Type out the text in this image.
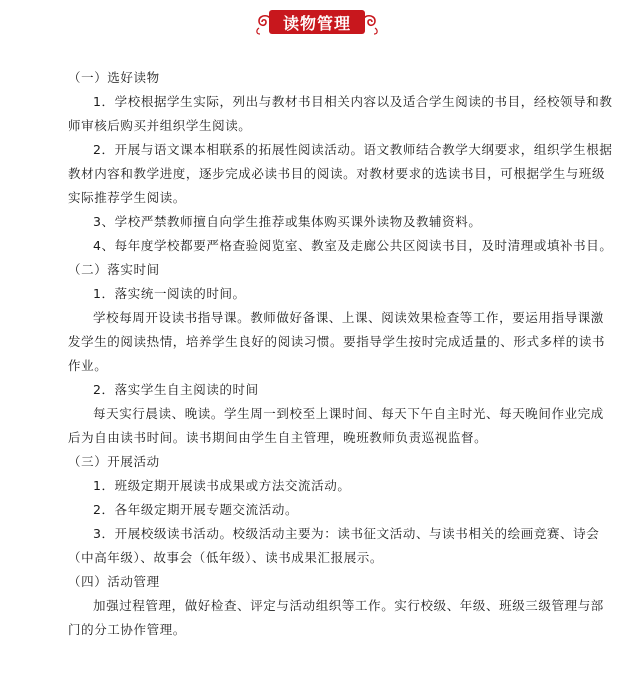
读物管理

（一）选好读物

1．学校根据学生实际，列出与教材书目相关内容以及适合学生阅读的书目，经校领导和教师审核后购买并组织学生阅读。

2．开展与语文课本相联系的拓展性阅读活动。语文教师结合教学大纲要求，组织学生根据教材内容和教学进度，逐步完成必读书目的阅读。对教材要求的选读书目，可根据学生与班级实际推荐学生阅读。

3、学校严禁教师擅自向学生推荐或集体购买课外读物及教辅资料。

4、每年度学校都要严格查验阅览室、教室及走廊公共区阅读书目，及时清理或填补书目。

（二）落实时间

1．落实统一阅读的时间。

学校每周开设读书指导课。教师做好备课、上课、阅读效果检查等工作，要运用指导课激发学生的阅读热情，培养学生良好的阅读习惯。要指导学生按时完成适量的、形式多样的读书作业。

2．落实学生自主阅读的时间

每天实行晨读、晚读。学生周一到校至上课时间、每天下午自主时光、每天晚间作业完成后为自由读书时间。读书期间由学生自主管理，晚班教师负责巡视监督。

（三）开展活动

1．班级定期开展读书成果或方法交流活动。

2．各年级定期开展专题交流活动。

3．开展校级读书活动。校级活动主要为：读书征文活动、与读书相关的绘画竞赛、诗会（中高年级）、故事会（低年级）、读书成果汇报展示。

（四）活动管理

加强过程管理，做好检查、评定与活动组织等工作。实行校级、年级、班级三级管理与部门的分工协作管理。
